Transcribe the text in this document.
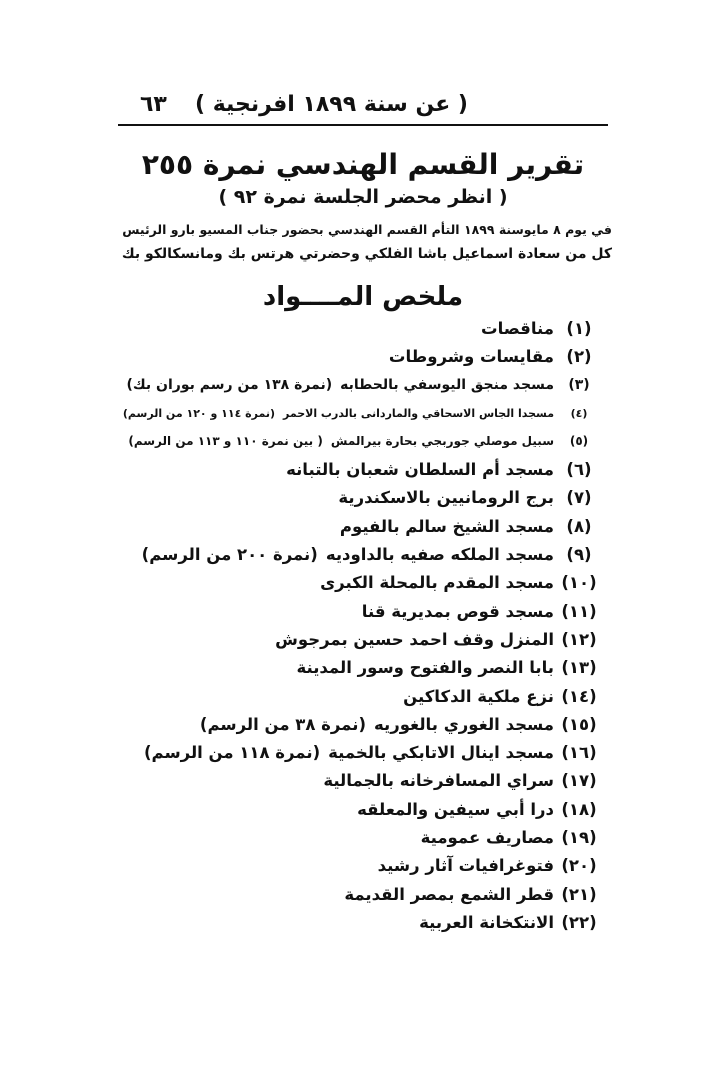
( عن سنة ١٨٩٩ افرنجية )
٦٣
تقرير القسم الهندسي نمرة ٢٥٥
( انظر محضر الجلسة نمرة ٩٢ )
في يوم ٨ مايوسنة ١٨٩٩ التأم القسم الهندسي بحضور جناب المسيو بارو الرئيس
كل من سعادة اسماعيل باشا الفلكي وحضرتي هرتس بك ومانسكالكو بك
ملخص المــــواد
(١)
مناقصات
(٢)
مقايسات وشروطات
(٣)
مسجد منجق اليوسفي بالحطابه
(نمرة ١٣٨ من رسم بوران بك)
(٤)
مسجدا الجاس الاسحاقي والماردانى بالدرب الاحمر
(نمرة ١١٤ و ١٢٠ من الرسم)
(٥)
سبيل موصلي جوربجي بحارة بيرالمش
( بين نمرة ١١٠ و ١١٣ من الرسم)
(٦)
مسجد أم السلطان شعبان بالتبانه
(٧)
برج الرومانيين بالاسكندرية
(٨)
مسجد الشيخ سالم بالفيوم
(٩)
مسجد الملكه صفيه بالداوديه
(نمرة ٢٠٠ من الرسم)
(١٠)
مسجد المقدم بالمحلة الكبرى
(١١)
مسجد قوص بمديرية قنا
(١٢)
المنزل وقف احمد حسين بمرجوش
(١٣)
بابا النصر والفتوح وسور المدينة
(١٤)
نزع ملكية الدكاكين
(١٥)
مسجد الغوري بالغوريه
(نمرة ٣٨ من الرسم)
(١٦)
مسجد اينال الاتابكي بالخمية
(نمرة ١١٨ من الرسم)
(١٧)
سراي المسافرخانه بالجمالية
(١٨)
درا أبي سيفين والمعلقه
(١٩)
مصاريف عمومية
(٢٠)
فتوغرافيات آثار رشيد
(٢١)
قطر الشمع بمصر القديمة
(٢٢)
الانتكخانة العربية
